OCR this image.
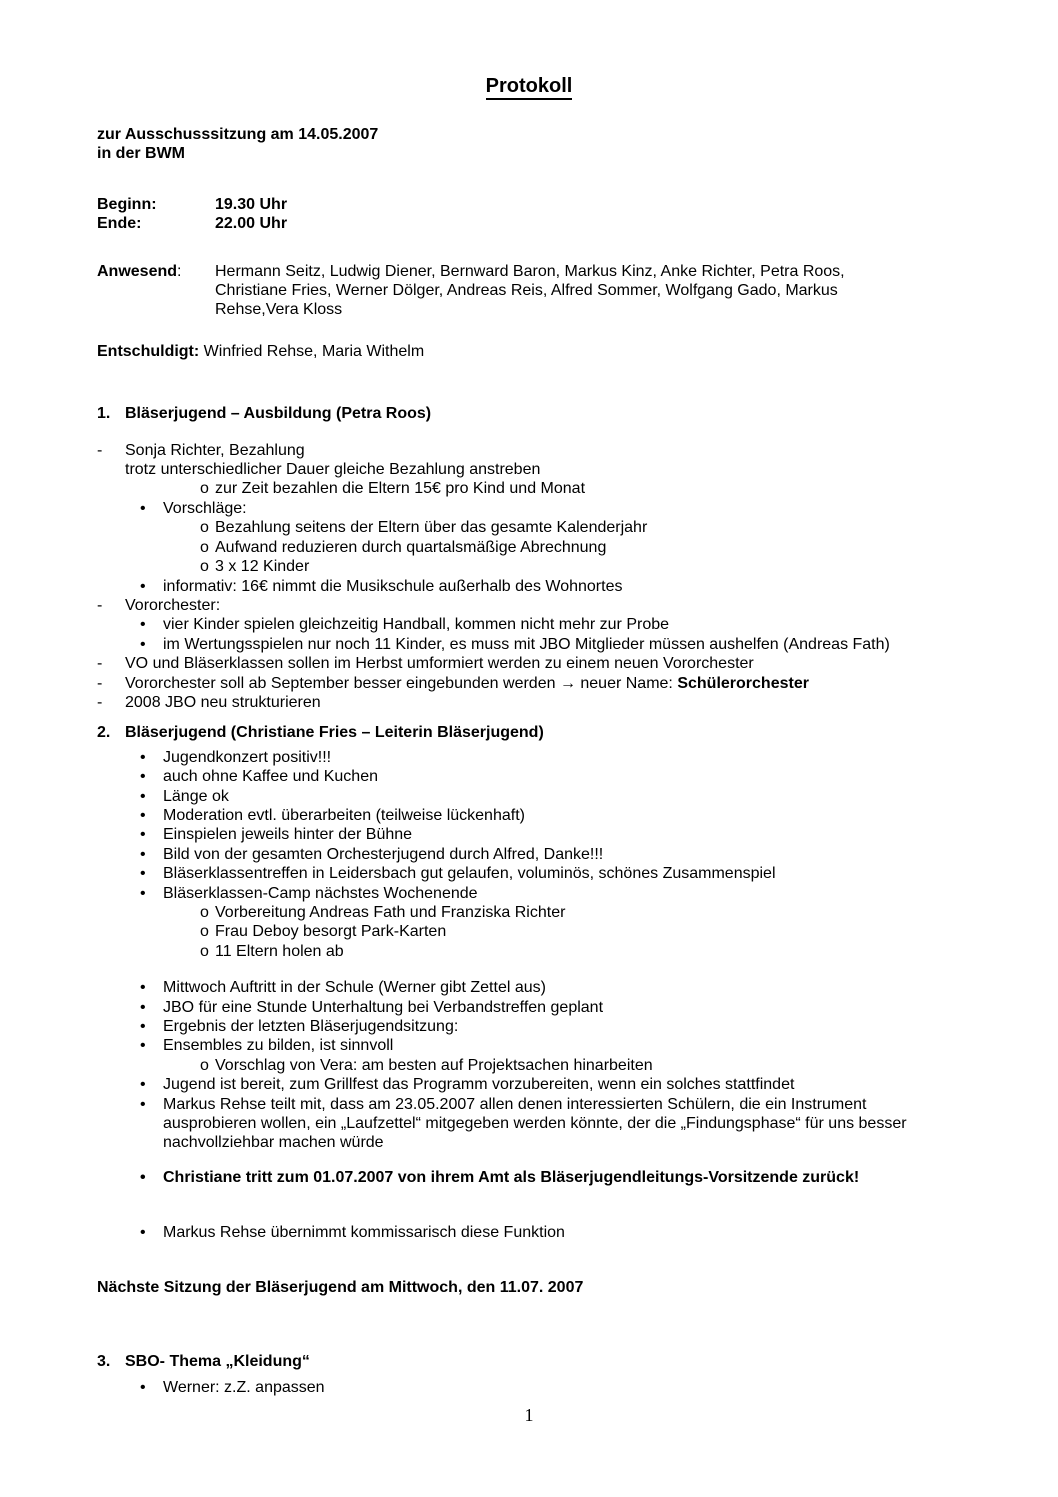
Protokoll
zur Ausschusssitzung am 14.05.2007
in der BWM
Beginn:	19.30 Uhr
Ende:	22.00 Uhr
Anwesend:	Hermann Seitz, Ludwig Diener, Bernward Baron, Markus Kinz, Anke Richter, Petra Roos,
Christiane Fries, Werner Dölger, Andreas Reis, Alfred Sommer, Wolfgang Gado, Markus
Rehse,Vera Kloss
Entschuldigt: Winfried Rehse, Maria Withelm
1. Bläserjugend – Ausbildung (Petra Roos)
-	Sonja Richter, Bezahlung
trotz unterschiedlicher Dauer gleiche Bezahlung anstreben
o zur Zeit bezahlen die Eltern 15€ pro Kind und Monat
•	Vorschläge:
o Bezahlung seitens der Eltern über das gesamte Kalenderjahr
o Aufwand reduzieren durch quartalsmäßige Abrechnung
o 3 x 12 Kinder
•	informativ: 16€ nimmt die Musikschule außerhalb des Wohnortes
-	Vororchester:
•	vier Kinder spielen gleichzeitig Handball, kommen nicht mehr zur Probe
•	im Wertungsspielen nur noch 11 Kinder, es muss mit JBO Mitglieder müssen aushelfen (Andreas Fath)
-	VO und Bläserklassen sollen im Herbst umformiert werden zu einem neuen Vororchester
-	Vororchester soll ab September besser eingebunden werden → neuer Name: Schülerorchester
-	2008 JBO neu strukturieren
2. Bläserjugend (Christiane Fries – Leiterin Bläserjugend)
•	Jugendkonzert positiv!!!
•	auch ohne Kaffee und Kuchen
•	Länge ok
•	Moderation evtl. überarbeiten (teilweise lückenhaft)
•	Einspielen jeweils hinter der Bühne
•	Bild von der gesamten Orchesterjugend durch Alfred, Danke!!!
•	Bläserklassentreffen in Leidersbach gut gelaufen, voluminös, schönes Zusammenspiel
•	Bläserklassen-Camp nächstes Wochenende
o Vorbereitung Andreas Fath und Franziska Richter
o Frau Deboy besorgt Park-Karten
o 11 Eltern holen ab
•	Mittwoch Auftritt in der Schule (Werner gibt Zettel aus)
•	JBO für eine Stunde Unterhaltung bei Verbandstreffen geplant
•	Ergebnis der letzten Bläserjugendsitzung:
•	Ensembles zu bilden, ist sinnvoll
o Vorschlag von Vera: am besten auf Projektsachen hinarbeiten
•	Jugend ist bereit, zum Grillfest das Programm vorzubereiten, wenn ein solches stattfindet
•	Markus Rehse teilt mit, dass am 23.05.2007 allen denen interessierten Schülern, die ein Instrument
ausprobieren wollen, ein „Laufzettel“ mitgegeben werden könnte, der die „Findungsphase“ für uns besser
nachvollziehbar machen würde
•	Christiane tritt zum 01.07.2007 von ihrem Amt als Bläserjugendleitungs-Vorsitzende zurück!
•	Markus Rehse übernimmt kommissarisch diese Funktion
Nächste Sitzung der Bläserjugend am Mittwoch, den 11.07. 2007
3. SBO- Thema „Kleidung“
•	Werner: z.Z. anpassen
1
